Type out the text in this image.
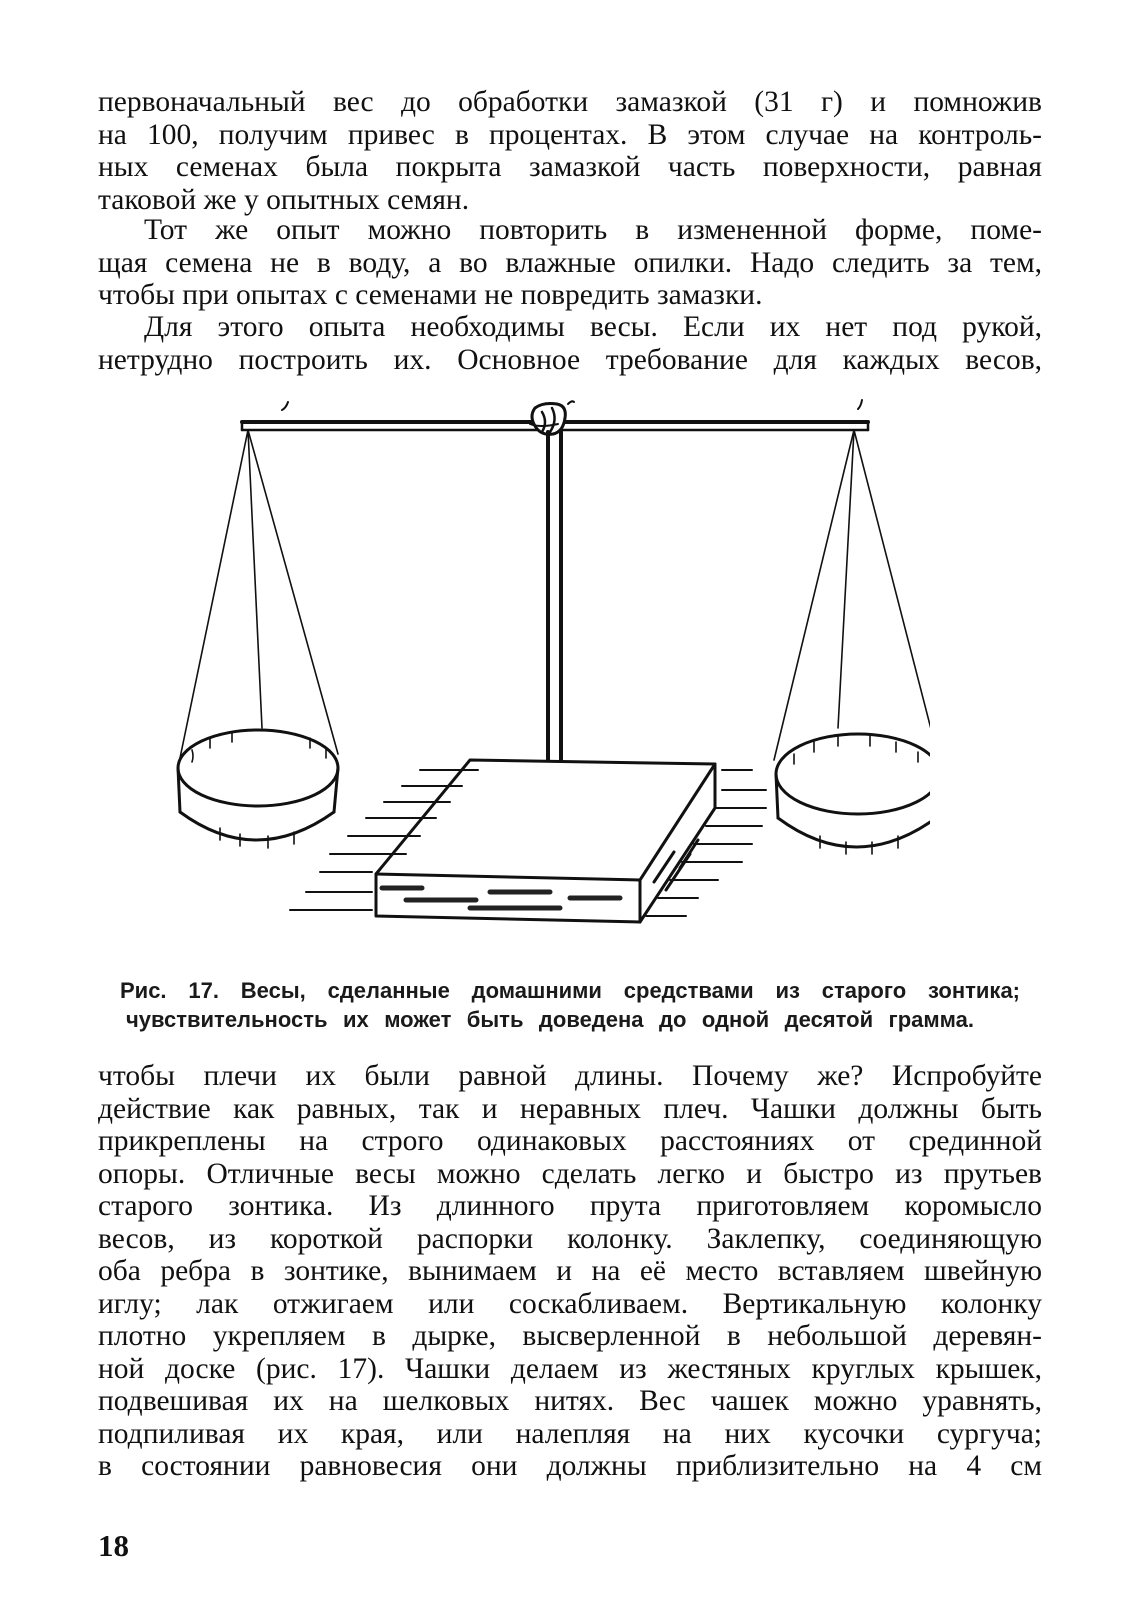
первоначальный вес до обработки замазкой (31 г) и помножив
на 100, получим привес в процентах. В этом случае на контроль-
ных семенах была покрыта замазкой часть поверхности, равная
таковой же у опытных семян.

Тот же опыт можно повторить в измененной форме, поме-
щая семена не в воду, а во влажные опилки. Надо следить за тем,
чтобы при опытах с семенами не повредить замазки.

Для этого опыта необходимы весы. Если их нет под рукой,
нетрудно построить их. Основное требование для каждых весов,

Рис. 17. Весы, сделанные домашними средствами из старого зонтика;
чувствительность их может быть доведена до одной десятой грамма.

чтобы плечи их были равной длины. Почему же? Испробуйте
действие как равных, так и неравных плеч. Чашки должны быть
прикреплены на строго одинаковых расстояниях от срединной
опоры. Отличные весы можно сделать легко и быстро из прутьев
старого зонтика. Из длинного прута приготовляем коромысло
весов, из короткой распорки колонку. Заклепку, соединяющую
оба ребра в зонтике, вынимаем и на её место вставляем швейную
иглу; лак отжигаем или соскабливаем. Вертикальную колонку
плотно укрепляем в дырке, высверленной в небольшой деревян-
ной доске (рис. 17). Чашки делаем из жестяных круглых крышек,
подвешивая их на шелковых нитях. Вес чашек можно уравнять,
подпиливая их края, или налепляя на них кусочки сургуча;
в состоянии равновесия они должны приблизительно на 4 см

18
